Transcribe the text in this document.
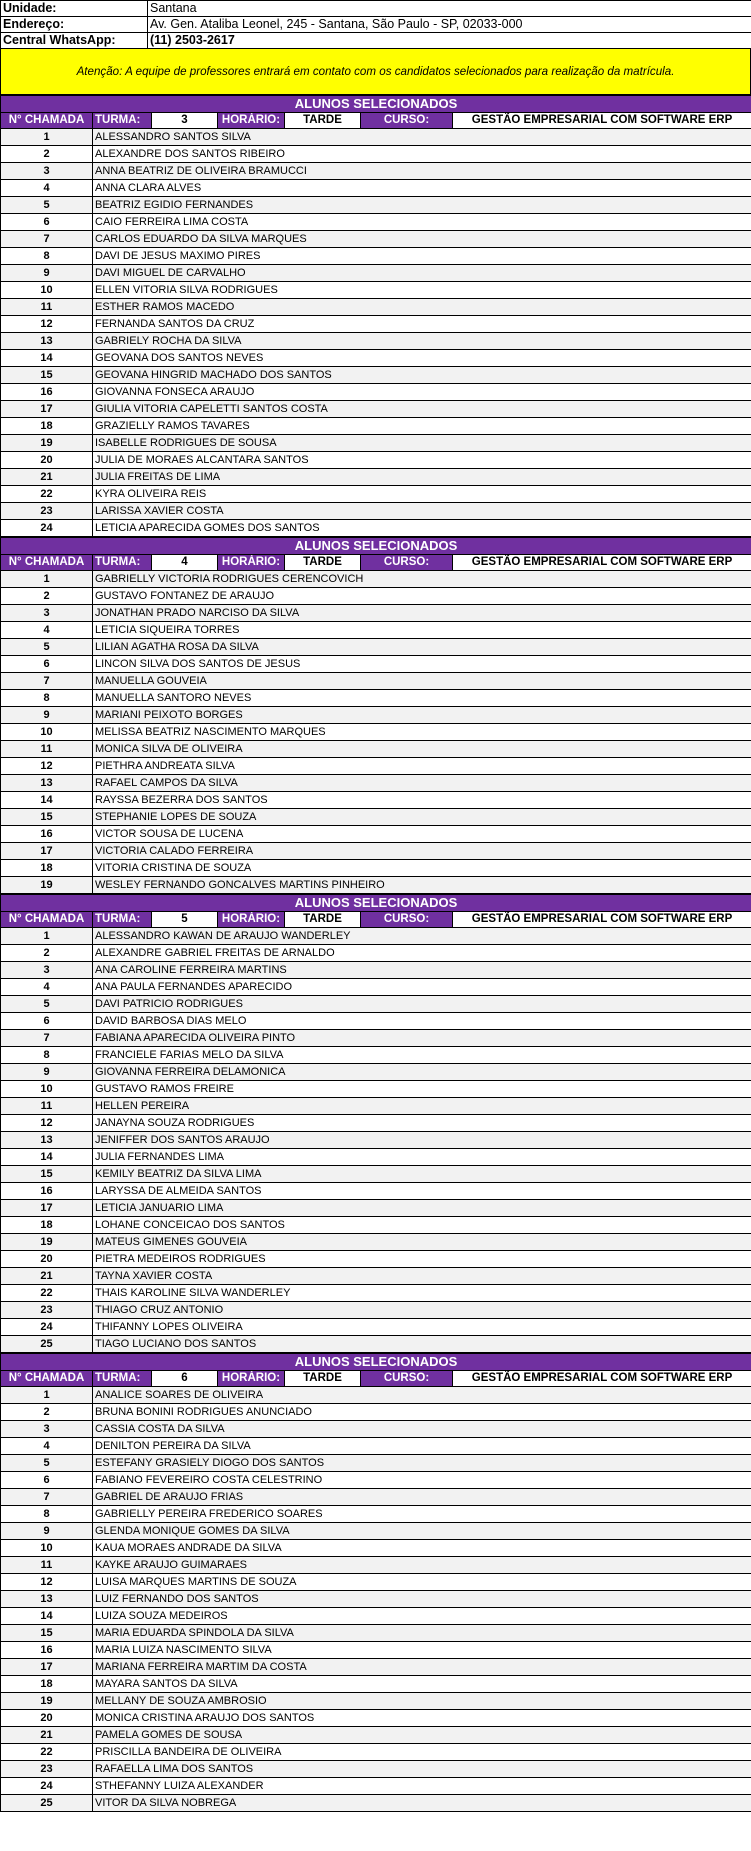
Unidade:	Santana
Endereço:	Av. Gen. Ataliba Leonel, 245 - Santana, São Paulo - SP, 02033-000
Central WhatsApp:	(11) 2503-2617
Atenção: A equipe de professores entrará em contato com os candidatos selecionados para realização da matrícula.
ALUNOS SELECIONADOS						
N° CHAMADA	TURMA:	3	HORÁRIO:	TARDE	CURSO:	GESTÃO EMPRESARIAL COM SOFTWARE ERP
1	ALESSANDRO SANTOS SILVA					
2	ALEXANDRE DOS SANTOS RIBEIRO					
3	ANNA BEATRIZ DE OLIVEIRA BRAMUCCI					
4	ANNA CLARA ALVES					
5	BEATRIZ EGIDIO FERNANDES					
6	CAIO FERREIRA LIMA COSTA					
7	CARLOS EDUARDO DA SILVA MARQUES					
8	DAVI DE JESUS MAXIMO PIRES					
9	DAVI MIGUEL DE CARVALHO					
10	ELLEN VITORIA SILVA RODRIGUES					
11	ESTHER RAMOS MACEDO					
12	FERNANDA SANTOS DA CRUZ					
13	GABRIELY ROCHA DA SILVA					
14	GEOVANA DOS SANTOS NEVES					
15	GEOVANA HINGRID MACHADO DOS SANTOS					
16	GIOVANNA FONSECA ARAUJO					
17	GIULIA VITORIA CAPELETTI SANTOS COSTA					
18	GRAZIELLY RAMOS TAVARES					
19	ISABELLE RODRIGUES DE SOUSA					
20	JULIA DE MORAES ALCANTARA SANTOS					
21	JULIA FREITAS DE LIMA					
22	KYRA OLIVEIRA REIS					
23	LARISSA XAVIER COSTA					
24	LETICIA APARECIDA GOMES DOS SANTOS					
ALUNOS SELECIONADOS						
N° CHAMADA	TURMA:	4	HORÁRIO:	TARDE	CURSO:	GESTÃO EMPRESARIAL COM SOFTWARE ERP
1	GABRIELLY VICTORIA RODRIGUES CERENCOVICH					
2	GUSTAVO FONTANEZ DE ARAUJO					
3	JONATHAN PRADO NARCISO DA SILVA					
4	LETICIA SIQUEIRA TORRES					
5	LILIAN AGATHA ROSA DA SILVA					
6	LINCON SILVA DOS SANTOS DE JESUS					
7	MANUELLA GOUVEIA					
8	MANUELLA SANTORO NEVES					
9	MARIANI PEIXOTO BORGES					
10	MELISSA BEATRIZ NASCIMENTO MARQUES					
11	MONICA SILVA DE OLIVEIRA					
12	PIETHRA ANDREATA SILVA					
13	RAFAEL CAMPOS DA SILVA					
14	RAYSSA BEZERRA DOS SANTOS					
15	STEPHANIE LOPES DE SOUZA					
16	VICTOR SOUSA DE LUCENA					
17	VICTORIA CALADO FERREIRA					
18	VITORIA CRISTINA DE SOUZA					
19	WESLEY FERNANDO GONCALVES MARTINS PINHEIRO					
ALUNOS SELECIONADOS						
N° CHAMADA	TURMA:	5	HORÁRIO:	TARDE	CURSO:	GESTÃO EMPRESARIAL COM SOFTWARE ERP
1	ALESSANDRO KAWAN DE ARAUJO WANDERLEY					
2	ALEXANDRE GABRIEL FREITAS DE ARNALDO					
3	ANA CAROLINE FERREIRA MARTINS					
4	ANA PAULA FERNANDES APARECIDO					
5	DAVI PATRICIO RODRIGUES					
6	DAVID BARBOSA DIAS MELO					
7	FABIANA APARECIDA OLIVEIRA PINTO					
8	FRANCIELE FARIAS MELO DA SILVA					
9	GIOVANNA FERREIRA DELAMONICA					
10	GUSTAVO RAMOS FREIRE					
11	HELLEN PEREIRA					
12	JANAYNA SOUZA RODRIGUES					
13	JENIFFER DOS SANTOS ARAUJO					
14	JULIA FERNANDES LIMA					
15	KEMILY BEATRIZ DA SILVA LIMA					
16	LARYSSA DE ALMEIDA SANTOS					
17	LETICIA JANUARIO LIMA					
18	LOHANE CONCEICAO DOS SANTOS					
19	MATEUS GIMENES GOUVEIA					
20	PIETRA MEDEIROS RODRIGUES					
21	TAYNA XAVIER COSTA					
22	THAIS KAROLINE SILVA WANDERLEY					
23	THIAGO CRUZ ANTONIO					
24	THIFANNY LOPES OLIVEIRA					
25	TIAGO LUCIANO DOS SANTOS					
ALUNOS SELECIONADOS						
N° CHAMADA	TURMA:	6	HORÁRIO:	TARDE	CURSO:	GESTÃO EMPRESARIAL COM SOFTWARE ERP
1	ANALICE SOARES DE OLIVEIRA					
2	BRUNA BONINI RODRIGUES ANUNCIADO					
3	CASSIA COSTA DA SILVA					
4	DENILTON PEREIRA DA SILVA					
5	ESTEFANY GRASIELY DIOGO DOS SANTOS					
6	FABIANO FEVEREIRO COSTA CELESTRINO					
7	GABRIEL DE ARAUJO FRIAS					
8	GABRIELLY PEREIRA FREDERICO SOARES					
9	GLENDA MONIQUE GOMES DA SILVA					
10	KAUA MORAES ANDRADE DA SILVA					
11	KAYKE ARAUJO GUIMARAES					
12	LUISA MARQUES MARTINS DE SOUZA					
13	LUIZ FERNANDO DOS SANTOS					
14	LUIZA SOUZA MEDEIROS					
15	MARIA EDUARDA SPINDOLA DA SILVA					
16	MARIA LUIZA NASCIMENTO SILVA					
17	MARIANA FERREIRA MARTIM DA COSTA					
18	MAYARA SANTOS DA SILVA					
19	MELLANY DE SOUZA AMBROSIO					
20	MONICA CRISTINA ARAUJO DOS SANTOS					
21	PAMELA GOMES DE SOUSA					
22	PRISCILLA BANDEIRA DE OLIVEIRA					
23	RAFAELLA LIMA DOS SANTOS					
24	STHEFANNY LUIZA ALEXANDER					
25	VITOR DA SILVA NOBREGA					
